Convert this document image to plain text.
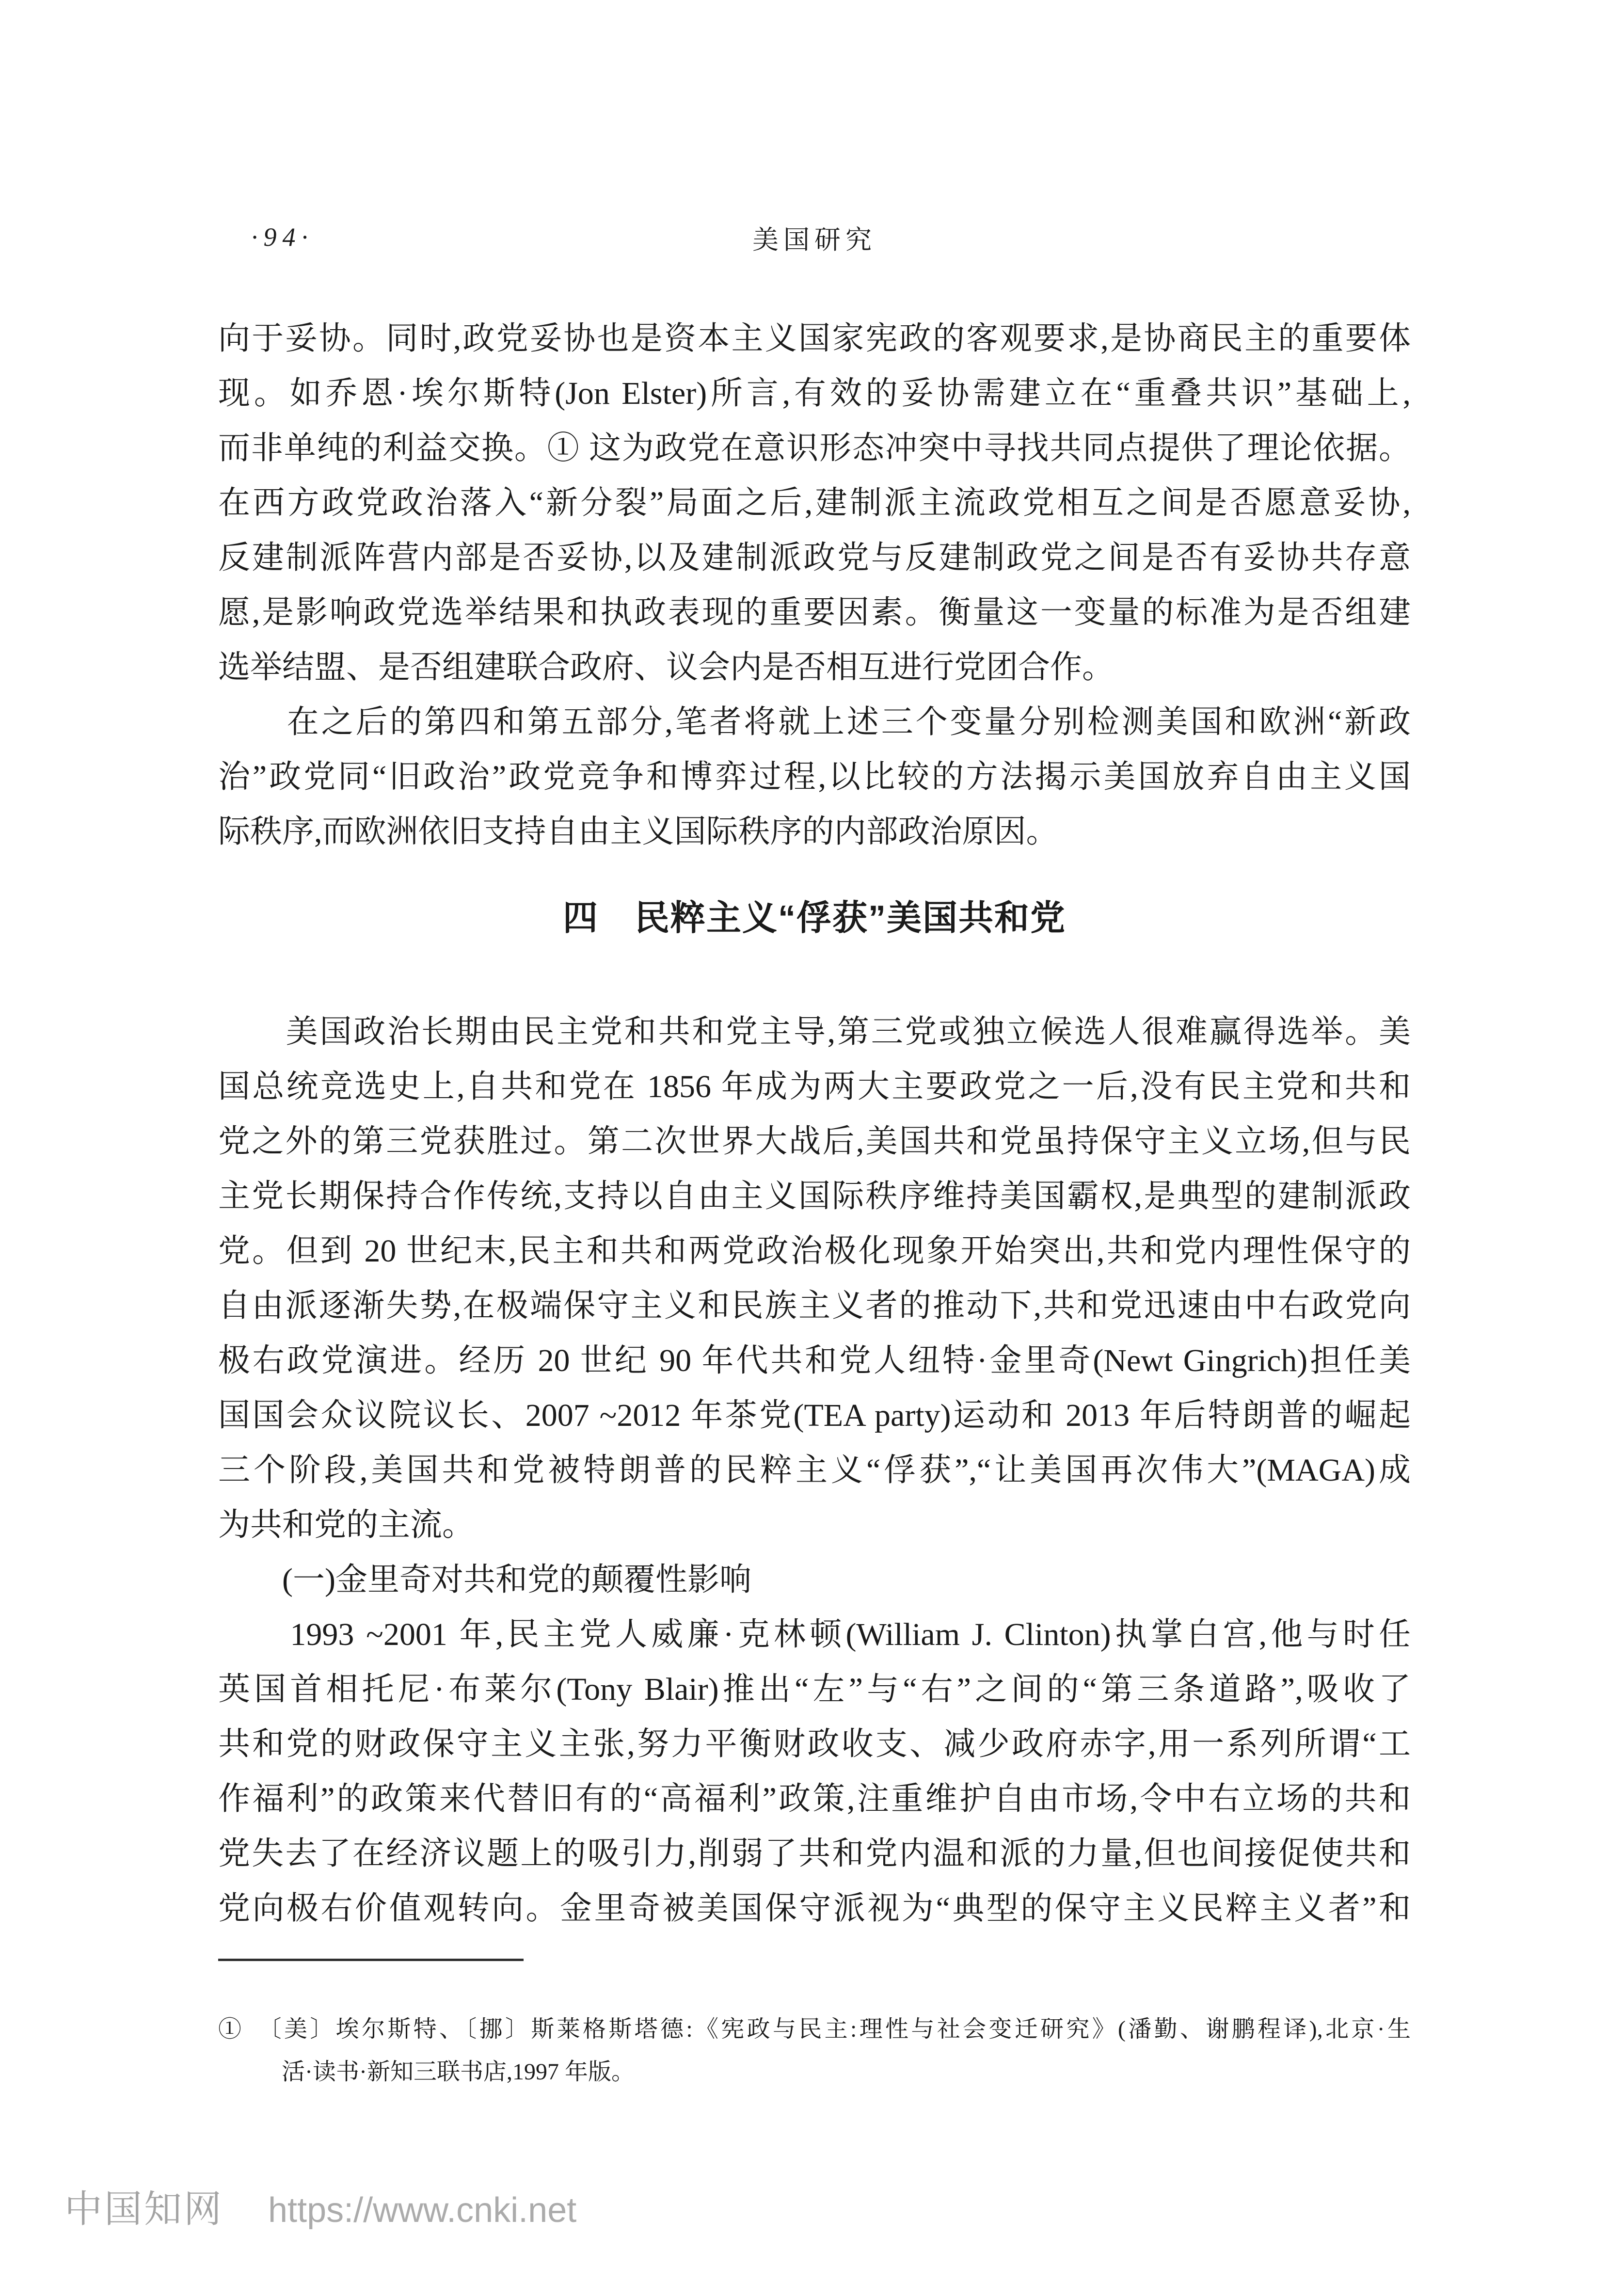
·94·	美国研究
向于妥协。同时,政党妥协也是资本主义国家宪政的客观要求,是协商民主的重要体
现。如乔恩·埃尔斯特(Jon Elster)所言,有效的妥协需建立在“重叠共识”基础上,
而非单纯的利益交换。① 这为政党在意识形态冲突中寻找共同点提供了理论依据。
在西方政党政治落入“新分裂”局面之后,建制派主流政党相互之间是否愿意妥协,
反建制派阵营内部是否妥协,以及建制派政党与反建制政党之间是否有妥协共存意
愿,是影响政党选举结果和执政表现的重要因素。衡量这一变量的标准为是否组建
选举结盟、是否组建联合政府、议会内是否相互进行党团合作。
　　在之后的第四和第五部分,笔者将就上述三个变量分别检测美国和欧洲“新政
治”政党同“旧政治”政党竞争和博弈过程,以比较的方法揭示美国放弃自由主义国
际秩序,而欧洲依旧支持自由主义国际秩序的内部政治原因。
四　民粹主义“俘获”美国共和党
　　美国政治长期由民主党和共和党主导,第三党或独立候选人很难赢得选举。美
国总统竞选史上,自共和党在 1856 年成为两大主要政党之一后,没有民主党和共和
党之外的第三党获胜过。第二次世界大战后,美国共和党虽持保守主义立场,但与民
主党长期保持合作传统,支持以自由主义国际秩序维持美国霸权,是典型的建制派政
党。但到 20 世纪末,民主和共和两党政治极化现象开始突出,共和党内理性保守的
自由派逐渐失势,在极端保守主义和民族主义者的推动下,共和党迅速由中右政党向
极右政党演进。经历 20 世纪 90 年代共和党人纽特·金里奇(Newt Gingrich)担任美
国国会众议院议长、2007 ~2012 年茶党(TEA party)运动和 2013 年后特朗普的崛起
三个阶段,美国共和党被特朗普的民粹主义“俘获”,“让美国再次伟大”(MAGA)成
为共和党的主流。
　　(一)金里奇对共和党的颠覆性影响
　　1993 ~2001 年,民主党人威廉·克林顿(William J. Clinton)执掌白宫,他与时任
英国首相托尼·布莱尔(Tony Blair)推出“左”与“右”之间的“第三条道路”,吸收了
共和党的财政保守主义主张,努力平衡财政收支、减少政府赤字,用一系列所谓“工
作福利”的政策来代替旧有的“高福利”政策,注重维护自由市场,令中右立场的共和
党失去了在经济议题上的吸引力,削弱了共和党内温和派的力量,但也间接促使共和
党向极右价值观转向。金里奇被美国保守派视为“典型的保守主义民粹主义者”和
①　〔美〕埃尔斯特、〔挪〕斯莱格斯塔德:《宪政与民主:理性与社会变迁研究》(潘勤、谢鹏程译),北京·生
活·读书·新知三联书店,1997 年版。
中国知网 https://www.cnki.net
